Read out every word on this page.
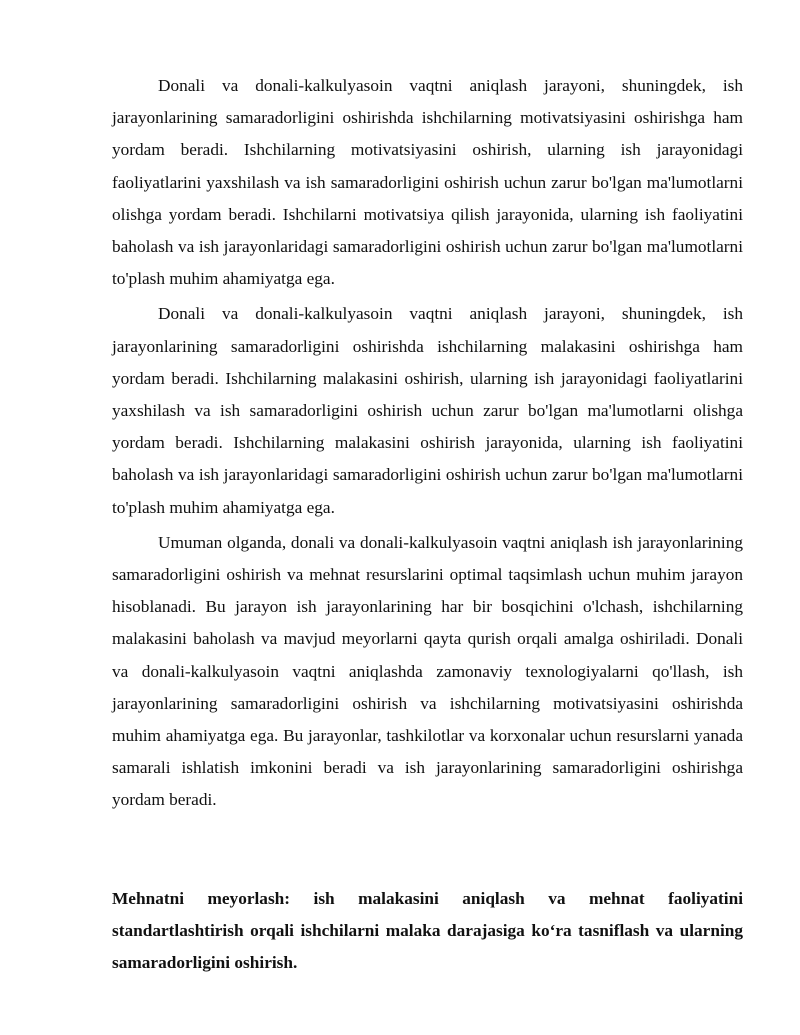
Donali va donali-kalkulyasoin vaqtni aniqlash jarayoni, shuningdek, ish jarayonlarining samaradorligini oshirishda ishchilarning motivatsiyasini oshirishga ham yordam beradi. Ishchilarning motivatsiyasini oshirish, ularning ish jarayonidagi faoliyatlarini yaxshilash va ish samaradorligini oshirish uchun zarur bo'lgan ma'lumotlarni olishga yordam beradi. Ishchilarni motivatsiya qilish jarayonida, ularning ish faoliyatini baholash va ish jarayonlaridagi samaradorligini oshirish uchun zarur bo'lgan ma'lumotlarni to'plash muhim ahamiyatga ega.

Donali va donali-kalkulyasoin vaqtni aniqlash jarayoni, shuningdek, ish jarayonlarining samaradorligini oshirishda ishchilarning malakasini oshirishga ham yordam beradi. Ishchilarning malakasini oshirish, ularning ish jarayonidagi faoliyatlarini yaxshilash va ish samaradorligini oshirish uchun zarur bo'lgan ma'lumotlarni olishga yordam beradi. Ishchilarning malakasini oshirish jarayonida, ularning ish faoliyatini baholash va ish jarayonlaridagi samaradorligini oshirish uchun zarur bo'lgan ma'lumotlarni to'plash muhim ahamiyatga ega.

Umuman olganda, donali va donali-kalkulyasoin vaqtni aniqlash ish jarayonlarining samaradorligini oshirish va mehnat resurslarini optimal taqsimlash uchun muhim jarayon hisoblanadi. Bu jarayon ish jarayonlarining har bir bosqichini o'lchash, ishchilarning malakasini baholash va mavjud meyorlarni qayta qurish orqali amalga oshiriladi. Donali va donali-kalkulyasoin vaqtni aniqlashda zamonaviy texnologiyalarni qo'llash, ish jarayonlarining samaradorligini oshirish va ishchilarning motivatsiyasini oshirishda muhim ahamiyatga ega. Bu jarayonlar, tashkilotlar va korxonalar uchun resurslarni yanada samarali ishlatish imkonini beradi va ish jarayonlarining samaradorligini oshirishga yordam beradi.

Mehnatni meyorlash: ish malakasini aniqlash va mehnat faoliyatini standartlashtirish orqali ishchilarni malaka darajasiga ko‘ra tasniflash va ularning samaradorligini oshirish.
